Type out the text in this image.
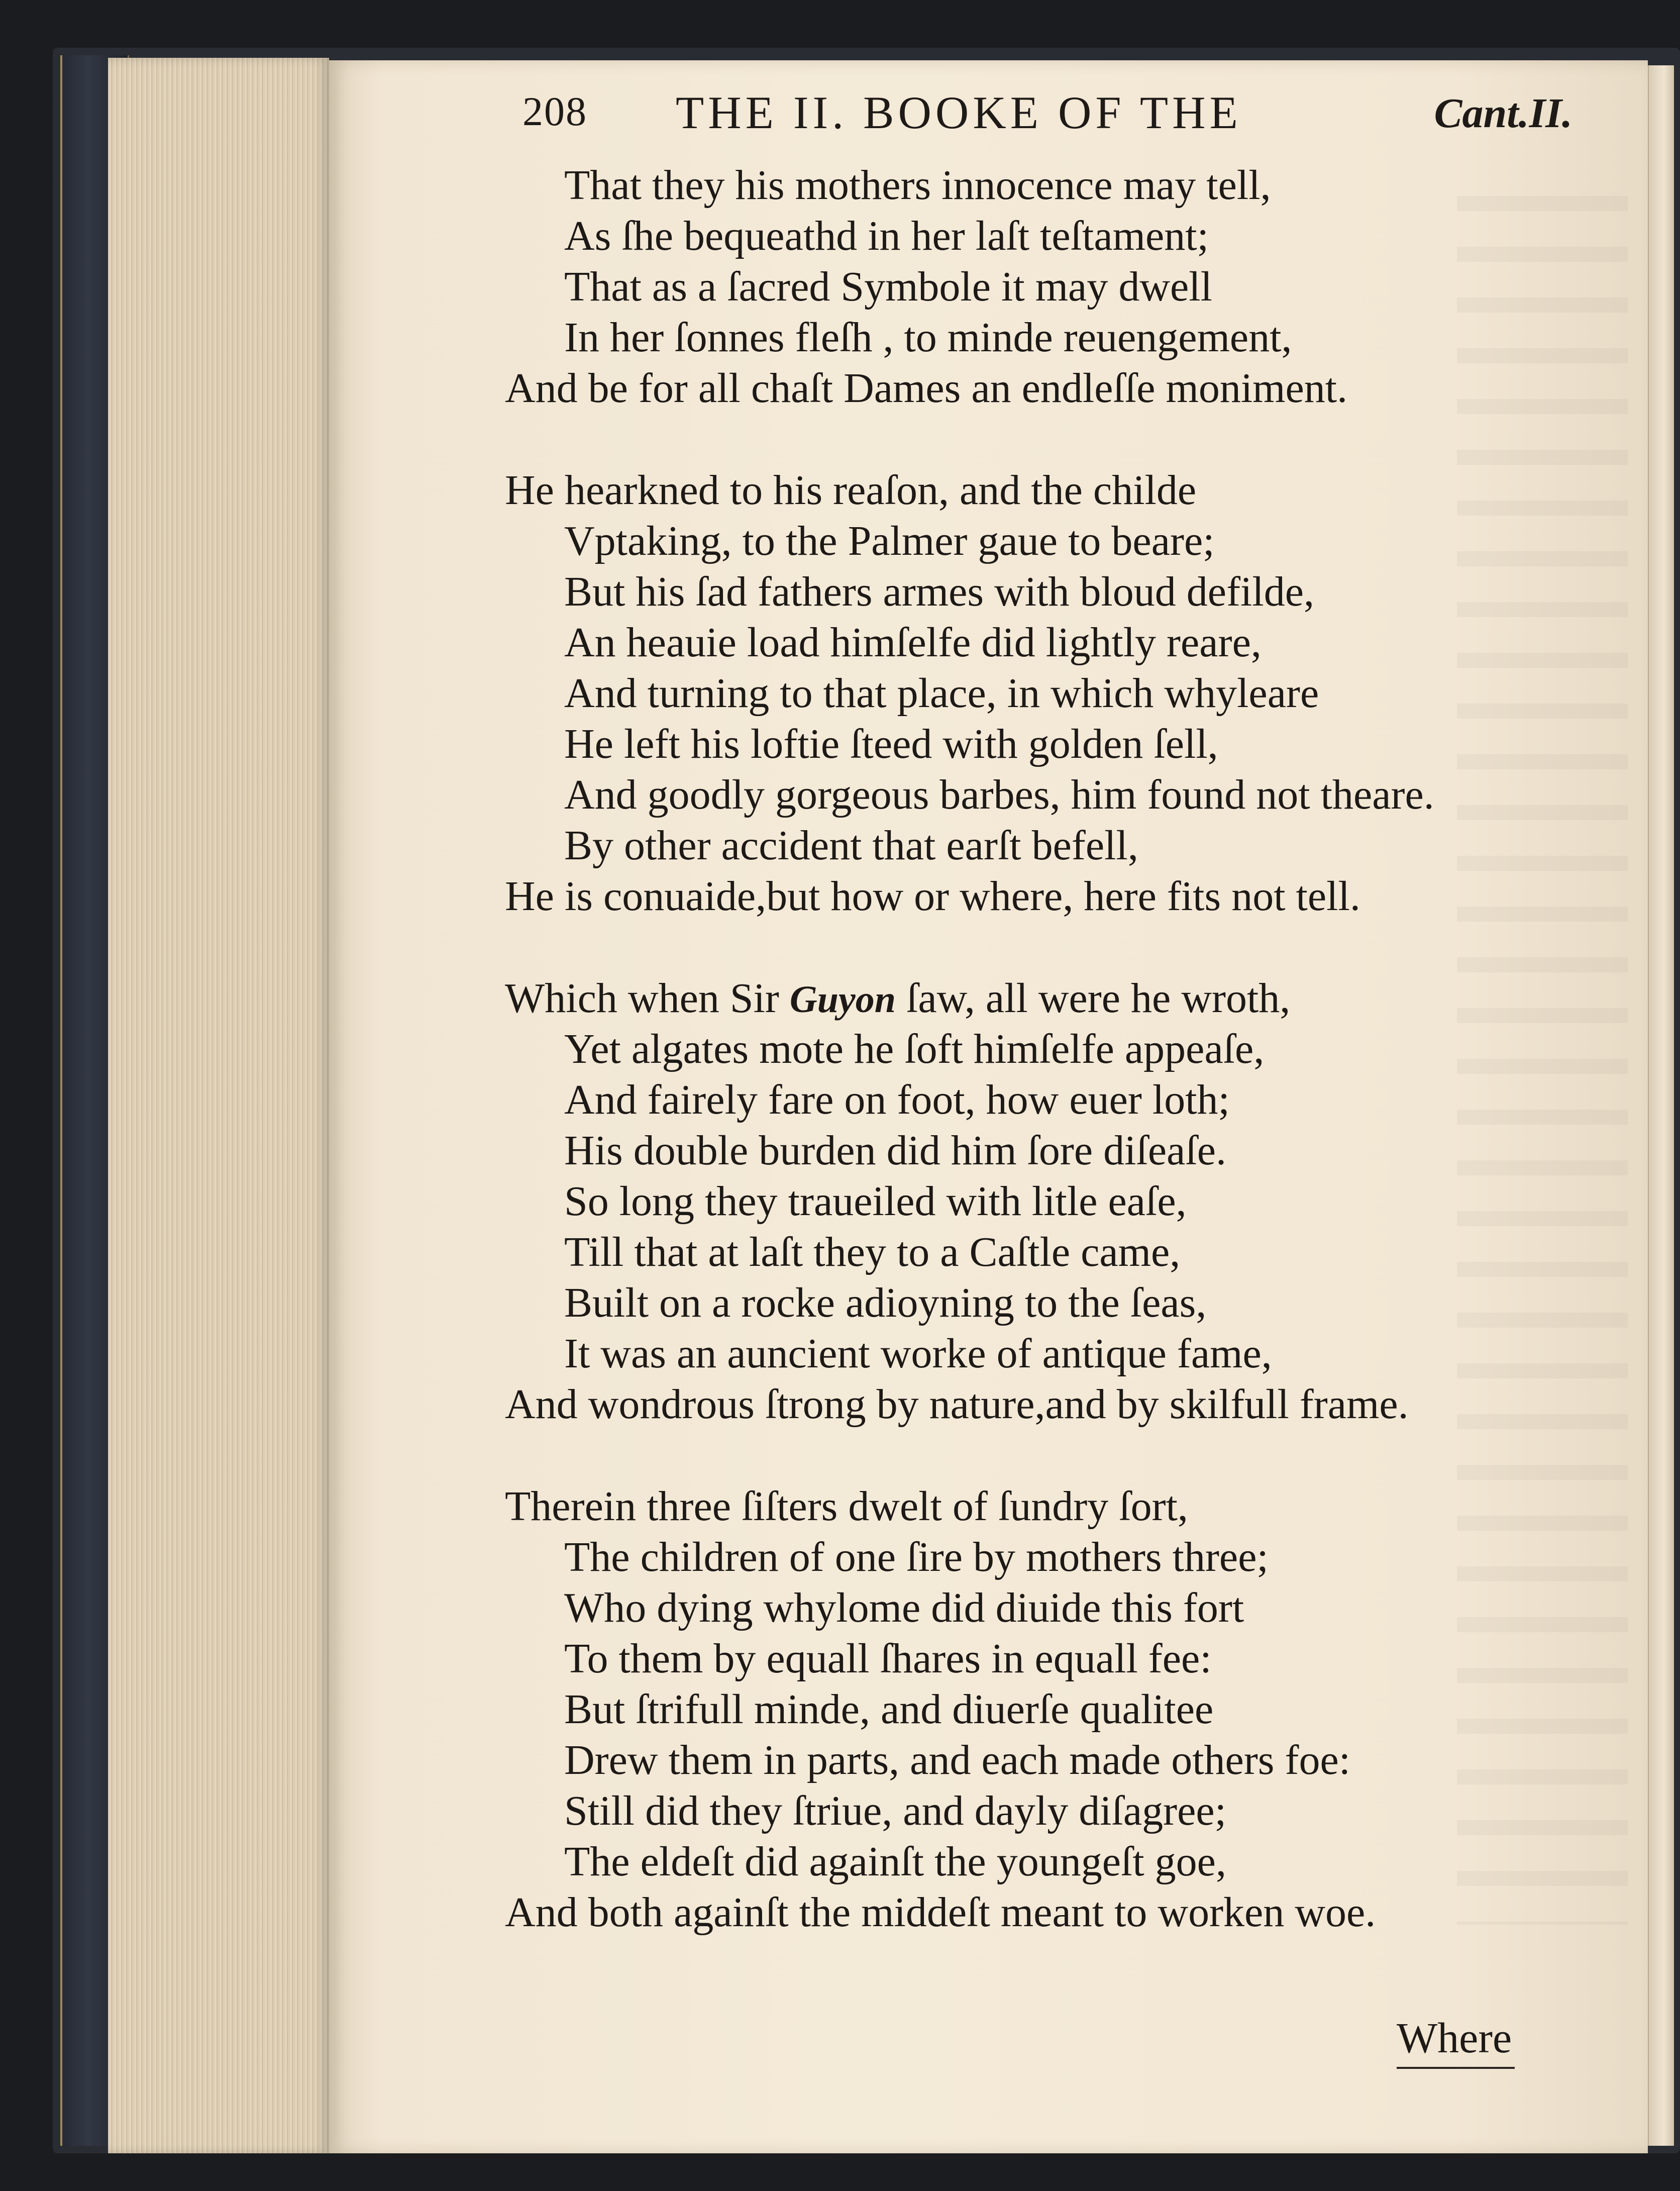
208 THE II. BOOKE OF THE	Cant.II.
That they his mothers innocence may tell,
As ſhe bequeathd in her laſt teſtament;
That as a ſacred Symbole it may dwell
In her ſonnes fleſh , to minde reuengement,
And be for all chaſt Dames an endleſſe moniment.
He hearkned to his reaſon, and the childe
Vptaking, to the Palmer gaue to beare;
But his ſad fathers armes with bloud defilde,
An heauie load himſelfe did lightly reare,
And turning to that place, in which whyleare
He left his loftie ſteed with golden ſell,
And goodly gorgeous barbes, him found not theare.
By other accident that earſt befell,
He is conuaide,but how or where, here fits not tell.
Which when Sir Guyon ſaw, all were he wroth,
Yet algates mote he ſoft himſelfe appeaſe,
And fairely fare on foot, how euer loth;
His double burden did him ſore diſeaſe.
So long they traueiled with litle eaſe,
Till that at laſt they to a Caſtle came,
Built on a rocke adioyning to the ſeas,
It was an auncient worke of antique fame,
And wondrous ſtrong by nature,and by skilfull frame.
Therein three ſiſters dwelt of ſundry ſort,
The children of one ſire by mothers three;
Who dying whylome did diuide this fort
To them by equall ſhares in equall fee:
But ſtrifull minde, and diuerſe qualitee
Drew them in parts, and each made others foe:
Still did they ſtriue, and dayly diſagree;
The eldeſt did againſt the youngeſt goe,
And both againſt the middeſt meant to worken woe.
Where
